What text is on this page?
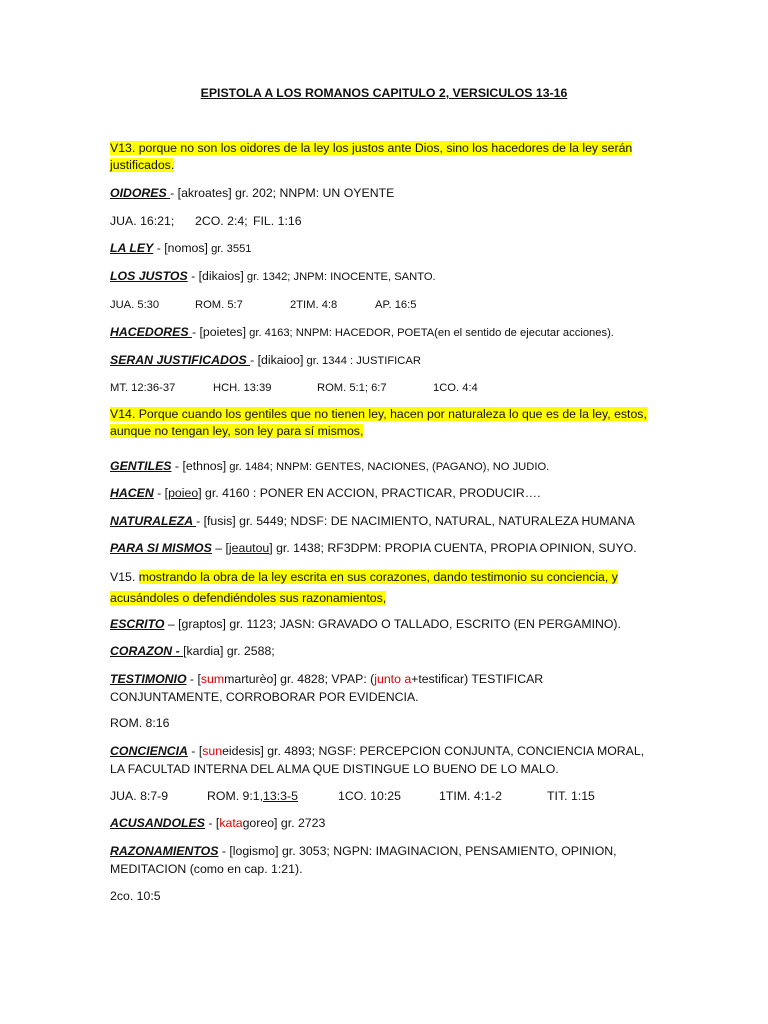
EPISTOLA A LOS ROMANOS CAPITULO 2, VERSICULOS 13-16
V13. porque no son los oidores de la ley los justos ante Dios, sino los hacedores de la ley serán justificados.
OIDORES - [akroates] gr. 202; NNPM: UN OYENTE
JUA. 16:21; 2CO. 2:4; FIL. 1:16
LA LEY - [nomos] gr. 3551
LOS JUSTOS - [dikaios] gr. 1342; JNPM: INOCENTE, SANTO.
JUA. 5:30	ROM. 5:7	2TIM. 4:8	AP. 16:5
HACEDORES - [poietes] gr. 4163; NNPM: HACEDOR, POETA(en el sentido de ejecutar acciones).
SERAN JUSTIFICADOS - [dikaioo] gr. 1344 : JUSTIFICAR
MT. 12:36-37	HCH. 13:39	ROM. 5:1; 6:7	1CO. 4:4
V14. Porque cuando los gentiles que no tienen ley, hacen por naturaleza lo que es de la ley, estos, aunque no tengan ley, son ley para sí mismos,
GENTILES - [ethnos] gr. 1484; NNPM: GENTES, NACIONES, (PAGANO), NO JUDIO.
HACEN - [poieo] gr. 4160 : PONER EN ACCION, PRACTICAR, PRODUCIR….
NATURALEZA - [fusis] gr. 5449; NDSF: DE NACIMIENTO, NATURAL, NATURALEZA HUMANA
PARA SI MISMOS – [jeautou] gr. 1438; RF3DPM: PROPIA CUENTA, PROPIA OPINION, SUYO.
V15. mostrando la obra de la ley escrita en sus corazones, dando testimonio su conciencia, y acusándoles o defendiéndoles sus razonamientos,
ESCRITO – [graptos] gr. 1123; JASN: GRAVADO O TALLADO, ESCRITO (EN PERGAMINO).
CORAZON - [kardia] gr. 2588;
TESTIMONIO - [summarturèo] gr. 4828; VPAP: (junto a+testificar) TESTIFICAR CONJUNTAMENTE, CORROBORAR POR EVIDENCIA.
ROM. 8:16
CONCIENCIA - [suneidesis] gr. 4893; NGSF: PERCEPCION CONJUNTA, CONCIENCIA MORAL, LA FACULTAD INTERNA DEL ALMA QUE DISTINGUE LO BUENO DE LO MALO.
JUA. 8:7-9	ROM. 9:1,13:3-5	1CO. 10:25	1TIM. 4:1-2	TIT. 1:15
ACUSANDOLES - [katagoreo] gr. 2723
RAZONAMIENTOS - [logismo] gr. 3053; NGPN: IMAGINACION, PENSAMIENTO, OPINION, MEDITACION (como en cap. 1:21).
2co. 10:5
